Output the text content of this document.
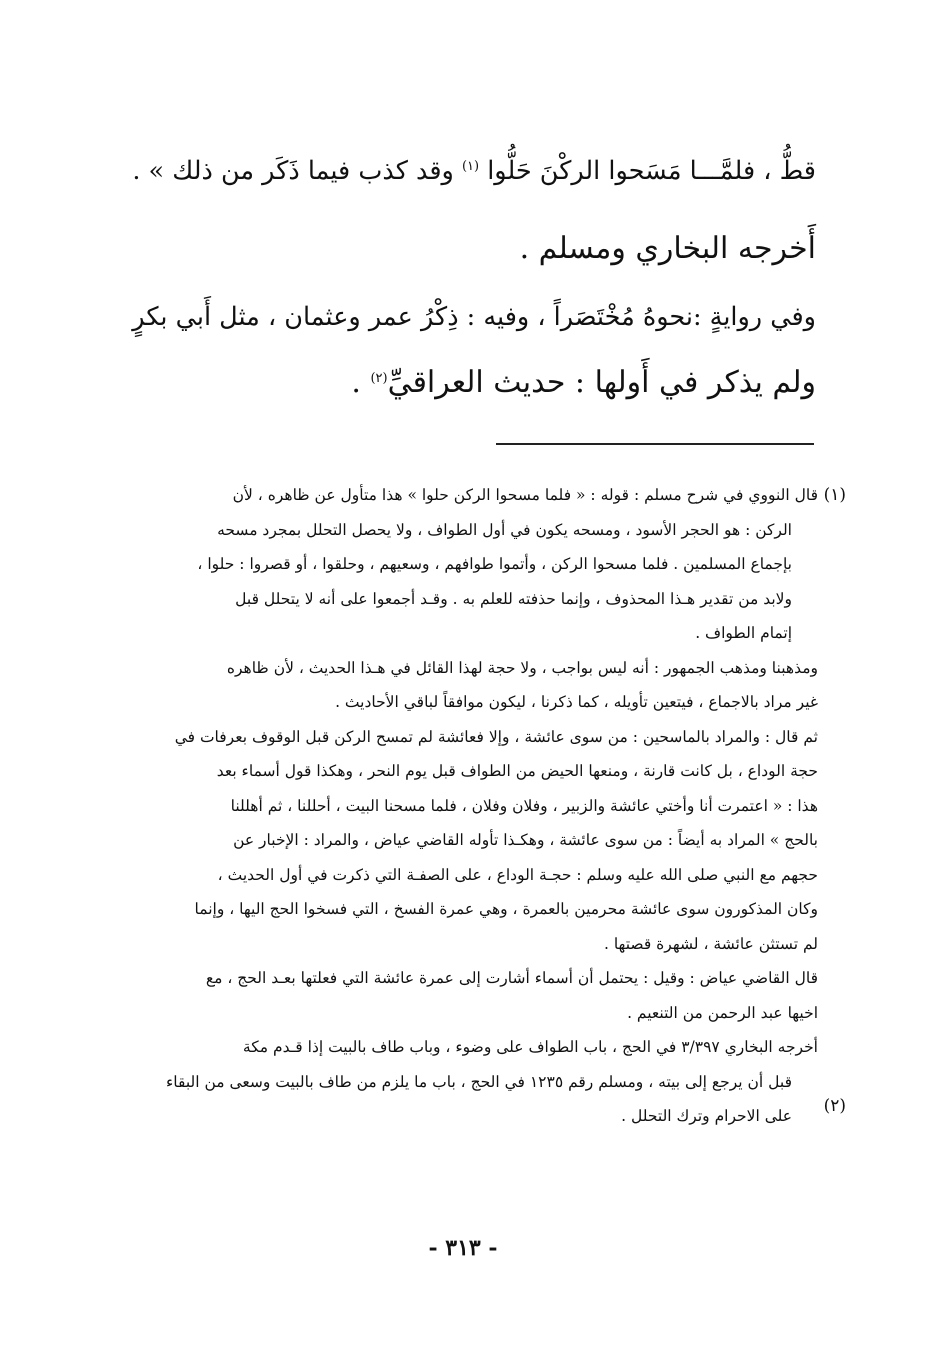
قطُّ ، فلمَّـــا مَسَحوا الركْنَ حَلُّوا $^{(١)}$ وقد كذب فيما ذَكَر من ذلك » .

أَخرجه البخاري ومسلم .

وفي روايةٍ :نحوهُ مُخْتَصَراً ، وفيه : ذِكْرُ عمر وعثمان ، مثل أَبي بكرٍ

ولم يذكر في أَولها : حديث العراقيِّ$^{(٢)}$ .

(١)
(٢)

قال النووي في شرح مسلم : قوله : « فلما مسحوا الركن حلوا » هذا متأول عن ظاهره ، لأن

الركن : هو الحجر الأسود ، ومسحه يكون في أول الطواف ، ولا يحصل التحلل بمجرد مسحه

بإجماع المسلمين . فلما مسحوا الركن ، وأتموا طوافهم ، وسعيهم ، وحلقوا ، أو قصروا : حلوا ،

ولابد من تقدير هـذا المحذوف ، وإنما حذفته للعلم به . وقـد أجمعوا على أنه لا يتحلل قبل

إتمام الطواف .

ومذهبنا ومذهب الجمهور : أنه ليس بواجب ، ولا حجة لهذا القائل في هـذا الحديث ، لأن ظاهره

غير مراد بالاجماع ، فيتعين تأويله ، كما ذكرنا ، ليكون موافقاً لباقي الأحاديث .

ثم قال : والمراد بالماسحين : من سوى عائشة ، وإلا فعائشة لم تمسح الركن قبل الوقوف بعرفات في

حجة الوداع ، بل كانت قارنة ، ومنعها الحيض من الطواف قبل يوم النحر ، وهكذا قول أسماء بعد

هذا : « اعتمرت أنا وأختي عائشة والزبير ، وفلان وفلان ، فلما مسحنا البيت ، أحللنا ، ثم أهللنا

بالحج » المراد به أيضاً : من سوى عائشة ، وهكـذا تأوله القاضي عياض ، والمراد : الإخبار عن

حجهم مع النبي صلى الله عليه وسلم : حجـة الوداع ، على الصفـة التي ذكرت في أول الحديث ،

وكان المذكورون سوى عائشة محرمين بالعمرة ، وهي عمرة الفسخ ، التي فسخوا الحج اليها ، وإنما

لم تستثن عائشة ، لشهرة قصتها .

قال القاضي عياض : وقيل : يحتمل أن أسماء أشارت إلى عمرة عائشة التي فعلتها بعـد الحج ، مع

اخيها عبد الرحمن من التنعيم .

أخرجه البخاري ٣/٣٩٧ في الحج ، باب الطواف على وضوء ، وباب طاف بالبيت إذا قـدم مكة

قبل أن يرجع إلى بيته ، ومسلم رقم ١٢٣٥ في الحج ، باب ما يلزم من طاف بالبيت وسعى من البقاء

على الاحرام وترك التحلل .

- ٣١٣ -
